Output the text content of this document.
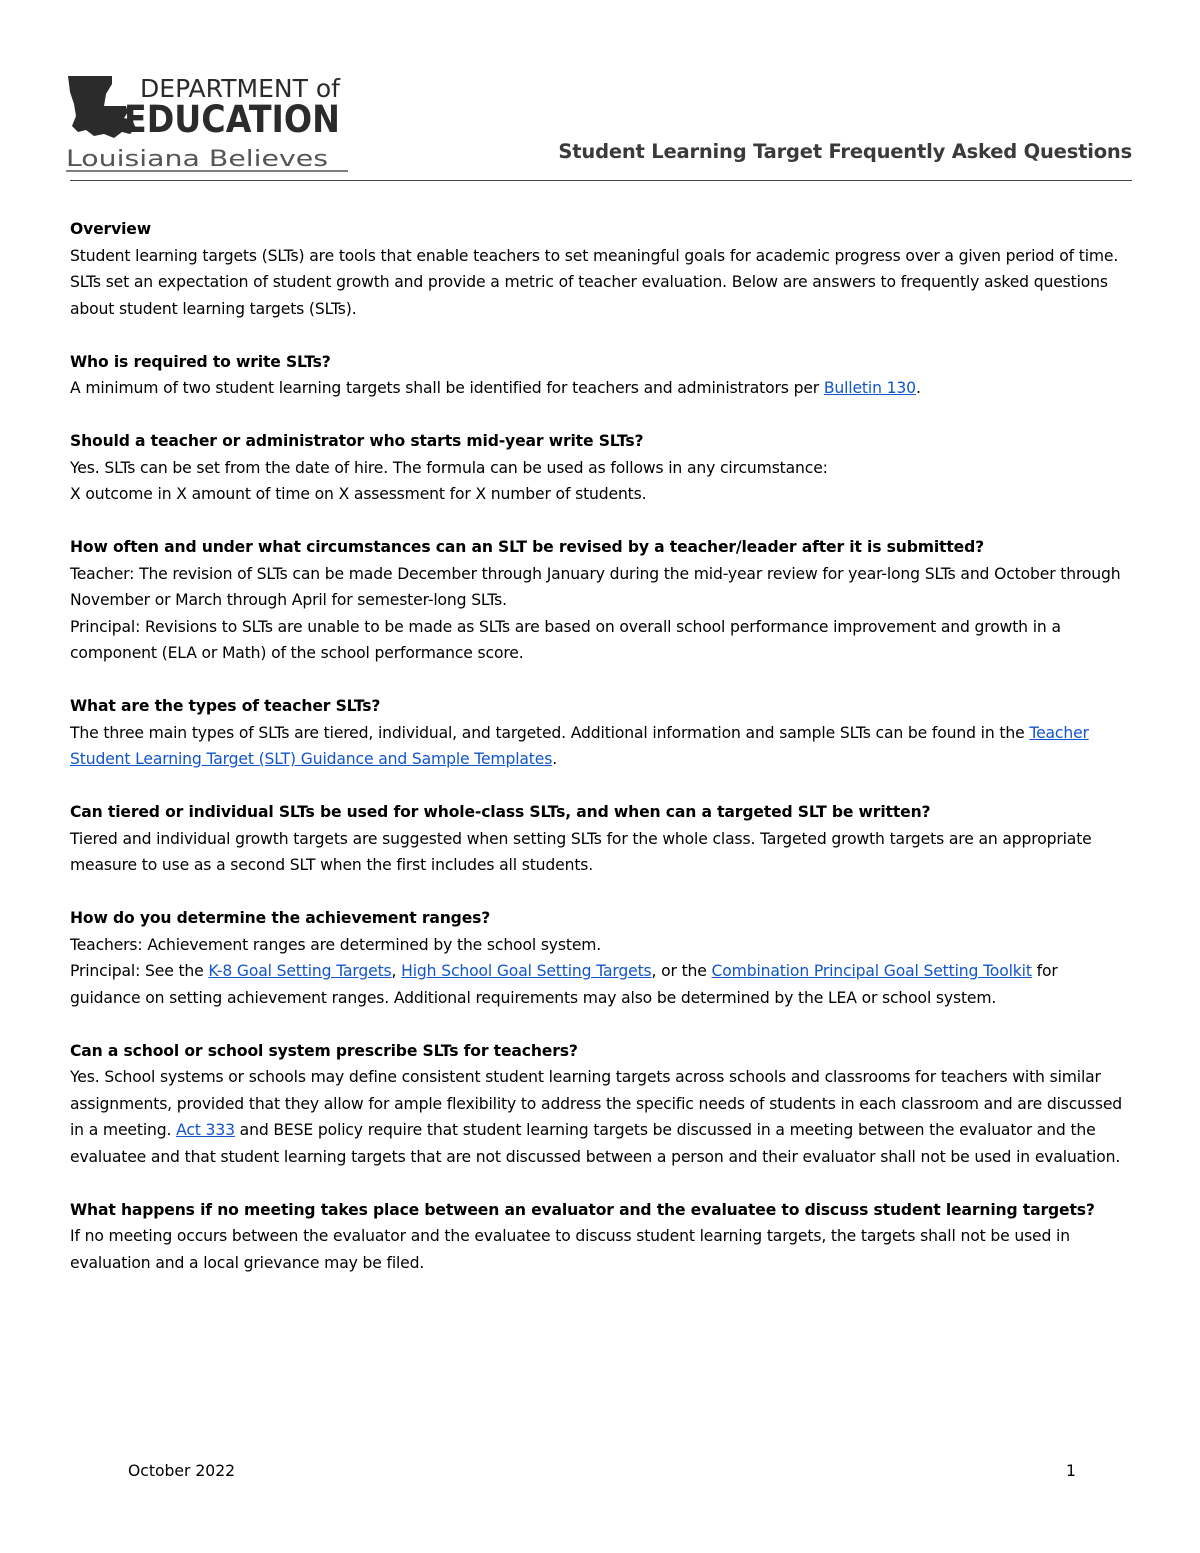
DEPARTMENT of
EDUCATION
Louisiana Believes	Student Learning Target Frequently Asked Questions
Overview

Student learning targets (SLTs) are tools that enable teachers to set meaningful goals for academic progress over a given period of time. SLTs set an expectation of student growth and provide a metric of teacher evaluation. Below are answers to frequently asked questions about student learning targets (SLTs).

Who is required to write SLTs?

A minimum of two student learning targets shall be identified for teachers and administrators per Bulletin 130.

Should a teacher or administrator who starts mid-year write SLTs?

Yes. SLTs can be set from the date of hire. The formula can be used as follows in any circumstance:

X outcome in X amount of time on X assessment for X number of students.

How often and under what circumstances can an SLT be revised by a teacher/leader after it is submitted?

Teacher: The revision of SLTs can be made December through January during the mid-year review for year-long SLTs and October through November or March through April for semester-long SLTs.

Principal: Revisions to SLTs are unable to be made as SLTs are based on overall school performance improvement and growth in a component (ELA or Math) of the school performance score.

What are the types of teacher SLTs?

The three main types of SLTs are tiered, individual, and targeted. Additional information and sample SLTs can be found in the Teacher Student Learning Target (SLT) Guidance and Sample Templates.

Can tiered or individual SLTs be used for whole-class SLTs, and when can a targeted SLT be written?

Tiered and individual growth targets are suggested when setting SLTs for the whole class. Targeted growth targets are an appropriate measure to use as a second SLT when the first includes all students.

How do you determine the achievement ranges?

Teachers: Achievement ranges are determined by the school system.

Principal: See the K-8 Goal Setting Targets, High School Goal Setting Targets, or the Combination Principal Goal Setting Toolkit for guidance on setting achievement ranges. Additional requirements may also be determined by the LEA or school system.

Can a school or school system prescribe SLTs for teachers?

Yes. School systems or schools may define consistent student learning targets across schools and classrooms for teachers with similar assignments, provided that they allow for ample flexibility to address the specific needs of students in each classroom and are discussed in a meeting. Act 333 and BESE policy require that student learning targets be discussed in a meeting between the evaluator and the evaluatee and that student learning targets that are not discussed between a person and their evaluator shall not be used in evaluation.

What happens if no meeting takes place between an evaluator and the evaluatee to discuss student learning targets?

If no meeting occurs between the evaluator and the evaluatee to discuss student learning targets, the targets shall not be used in evaluation and a local grievance may be filed.

October 2022	1
